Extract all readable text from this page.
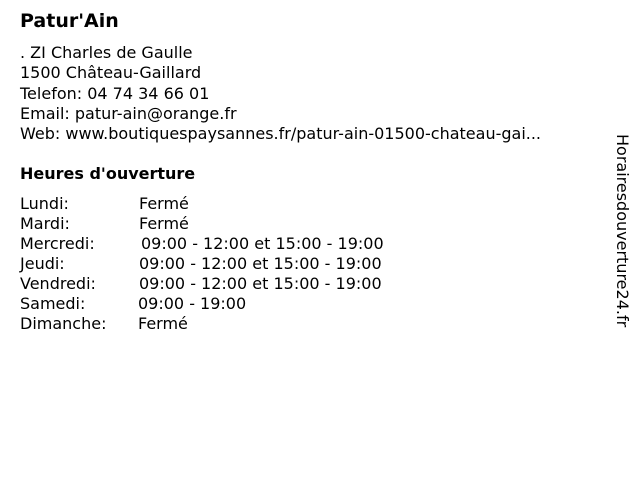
Patur'Ain
. ZI Charles de Gaulle
1500 Château-Gaillard
Telefon: 04 74 34 66 01
Email: patur-ain@orange.fr
Web: www.boutiquespaysannes.fr/patur-ain-01500-chateau-gai...
Heures d'ouverture
Lundi:	Fermé
Mardi:	Fermé
Mercredi:	09:00 - 12:00 et 15:00 - 19:00
Jeudi:	09:00 - 12:00 et 15:00 - 19:00
Vendredi:	09:00 - 12:00 et 15:00 - 19:00
Samedi:	09:00 - 19:00
Dimanche: Fermé	Horairesdouverture24.fr
